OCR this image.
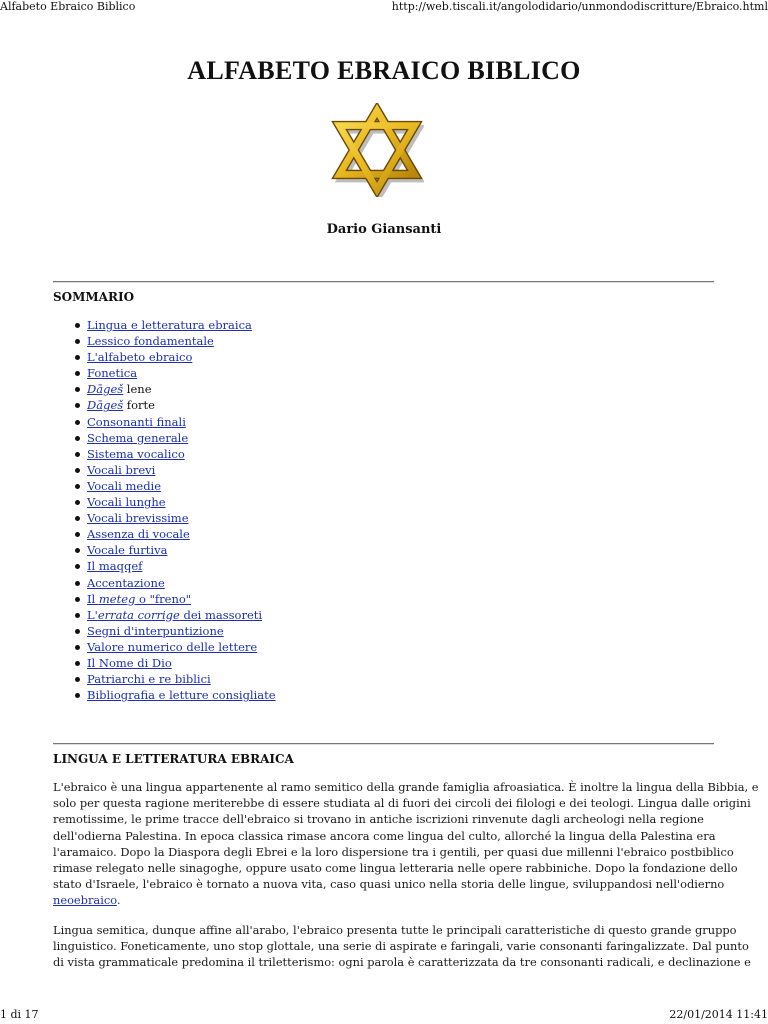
Alfabeto Ebraico Biblico	http://web.tiscali.it/angolodidario/unmondodiscritture/Ebraico.html
ALFABETO EBRAICO BIBLICO
Dario Giansanti
SOMMARIO
Lingua e letteratura ebraica
Lessico fondamentale
L'alfabeto ebraico
Fonetica
Dāgeš lene
Dāgeš forte
Consonanti finali
Schema generale
Sistema vocalico
Vocali brevi
Vocali medie
Vocali lunghe
Vocali brevissime
Assenza di vocale
Vocale furtiva
Il maqqef
Accentazione
Il meteg o "freno"
L'errata corrige dei massoreti
Segni d'interpuntizione
Valore numerico delle lettere
Il Nome di Dio
Patriarchi e re biblici
Bibliografia e letture consigliate
LINGUA E LETTERATURA EBRAICA

L'ebraico è una lingua appartenente al ramo semitico della grande famiglia afroasiatica. È inoltre la lingua della Bibbia, e
solo per questa ragione meriterebbe di essere studiata al di fuori dei circoli dei filologi e dei teologi. Lingua dalle origini
remotissime, le prime tracce dell'ebraico si trovano in antiche iscrizioni rinvenute dagli archeologi nella regione
dell'odierna Palestina. In epoca classica rimase ancora come lingua del culto, allorché la lingua della Palestina era
l'aramaico. Dopo la Diaspora degli Ebrei e la loro dispersione tra i gentili, per quasi due millenni l'ebraico postbiblico
rimase relegato nelle sinagoghe, oppure usato come lingua letteraria nelle opere rabbiniche. Dopo la fondazione dello
stato d'Israele, l'ebraico è tornato a nuova vita, caso quasi unico nella storia delle lingue, sviluppandosi nell'odierno
neoebraico.

Lingua semitica, dunque affine all'arabo, l'ebraico presenta tutte le principali caratteristiche di questo grande gruppo
linguistico. Foneticamente, uno stop glottale, una serie di aspirate e faringali, varie consonanti faringalizzate. Dal punto
di vista grammaticale predomina il triletterismo: ogni parola è caratterizzata da tre consonanti radicali, e declinazione e

1 di 17	22/01/2014 11:41
